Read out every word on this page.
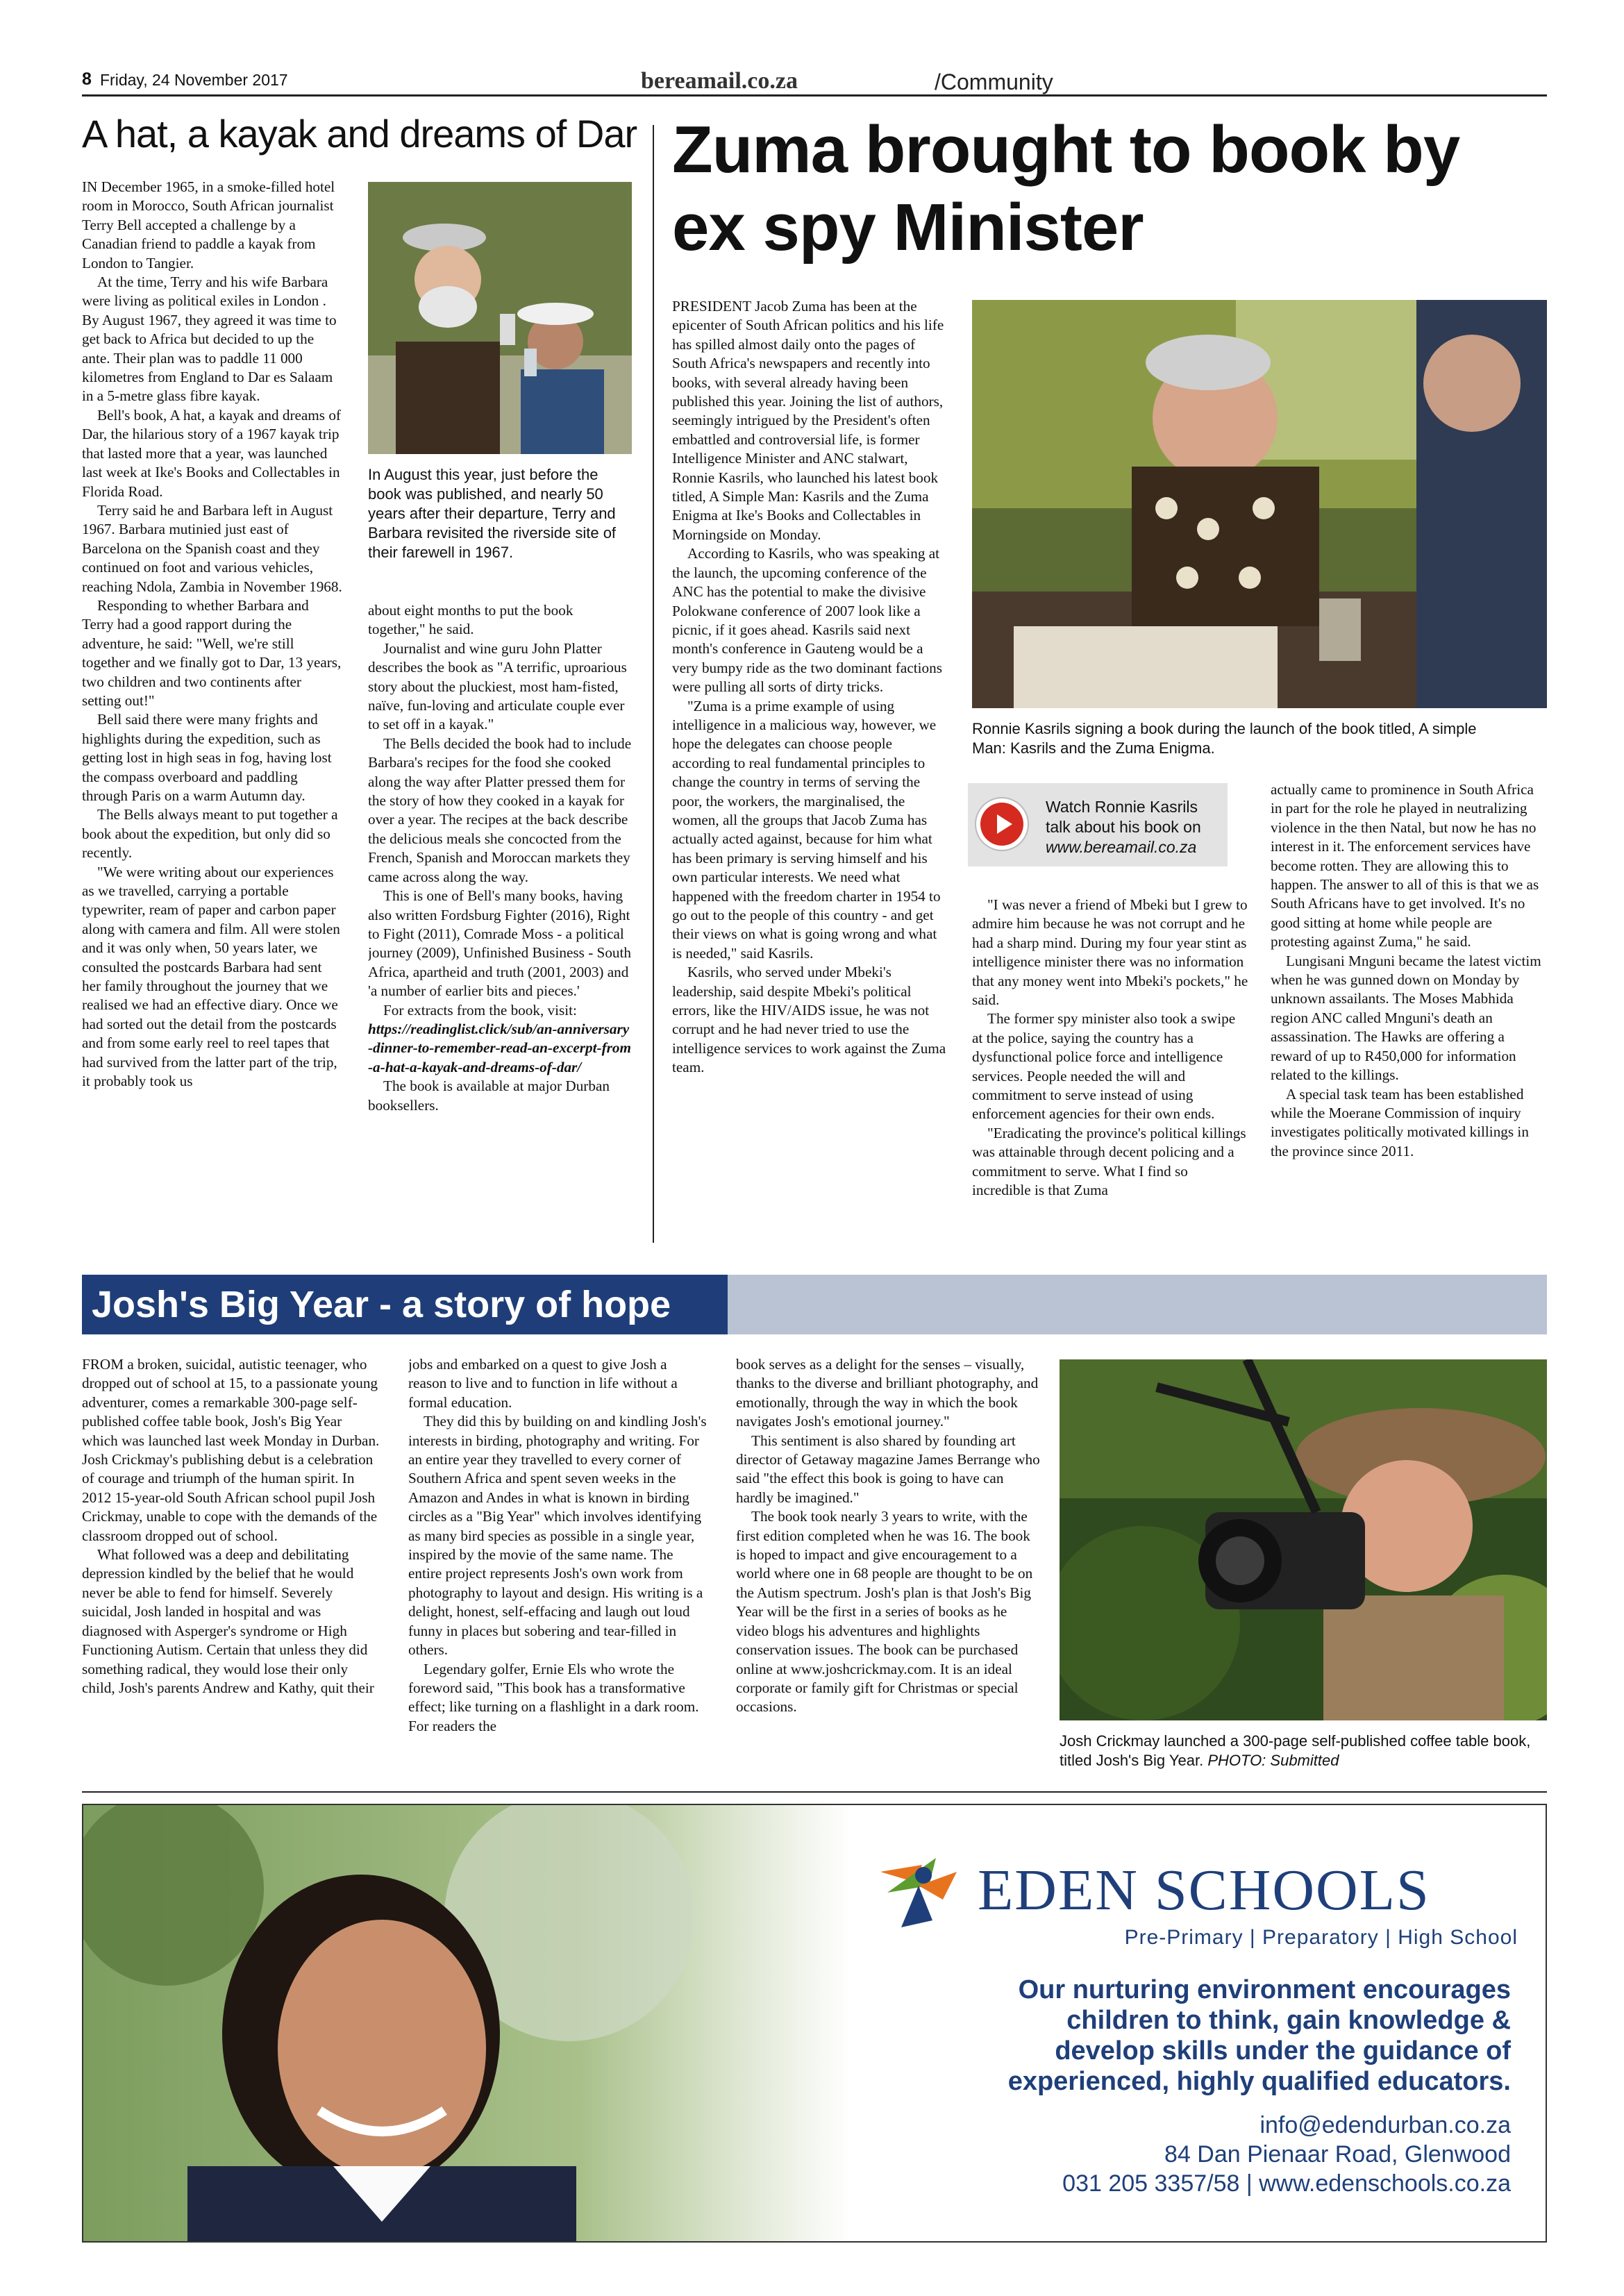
8 Friday, 24 November 2017	bereamail.co.za	/Community
A hat, a kayak and dreams of Dar

IN December 1965, in a smoke-filled hotel room in Morocco, South African journalist Terry Bell accepted a challenge by a Canadian friend to paddle a kayak from London to Tangier.

At the time, Terry and his wife Barbara were living as political exiles in London . By August 1967, they agreed it was time to get back to Africa but decided to up the ante. Their plan was to paddle 11 000 kilometres from England to Dar es Salaam in a 5-metre glass fibre kayak.

Bell's book, A hat, a kayak and dreams of Dar, the hilarious story of a 1967 kayak trip that lasted more that a year, was launched last week at Ike's Books and Collectables in Florida Road.

Terry said he and Barbara left in August 1967. Barbara mutinied just east of Barcelona on the Spanish coast and they continued on foot and various vehicles, reaching Ndola, Zambia in November 1968.

Responding to whether Barbara and Terry had a good rapport during the adventure, he said: "Well, we're still together and we finally got to Dar, 13 years, two children and two continents after setting out!"

Bell said there were many frights and highlights during the expedition, such as getting lost in high seas in fog, having lost the compass overboard and paddling through Paris on a warm Autumn day.

The Bells always meant to put together a book about the expedition, but only did so recently.

"We were writing about our experiences as we travelled, carrying a portable typewriter, ream of paper and carbon paper along with camera and film. All were stolen and it was only when, 50 years later, we consulted the postcards Barbara had sent her family throughout the journey that we realised we had an effective diary. Once we had sorted out the detail from the postcards and from some early reel to reel tapes that had survived from the latter part of the trip, it probably took us

In August this year, just before the book was published, and nearly 50 years after their departure, Terry and Barbara revisited the riverside site of their farewell in 1967.

about eight months to put the book together," he said.

Journalist and wine guru John Platter describes the book as "A terrific, uproarious story about the pluckiest, most ham-fisted, naïve, fun-loving and articulate couple ever to set off in a kayak."

The Bells decided the book had to include Barbara's recipes for the food she cooked along the way after Platter pressed them for the story of how they cooked in a kayak for over a year. The recipes at the back describe the delicious meals she concocted from the French, Spanish and Moroccan markets they came across along the way.

This is one of Bell's many books, having also written Fordsburg Fighter (2016), Right to Fight (2011), Comrade Moss - a political journey (2009), Unfinished Business - South Africa, apartheid and truth (2001, 2003) and 'a number of earlier bits and pieces.'

For extracts from the book, visit:

https://readinglist.click/sub/an-anniversary-dinner-to-remember-read-an-excerpt-from-a-hat-a-kayak-and-dreams-of-dar/

The book is available at major Durban booksellers.

Zuma brought to book by
ex spy Minister

PRESIDENT Jacob Zuma has been at the epicenter of South African politics and his life has spilled almost daily onto the pages of South Africa's newspapers and recently into books, with several already having been published this year. Joining the list of authors, seemingly intrigued by the President's often embattled and controversial life, is former Intelligence Minister and ANC stalwart, Ronnie Kasrils, who launched his latest book titled, A Simple Man: Kasrils and the Zuma Enigma at Ike's Books and Collectables in Morningside on Monday.

According to Kasrils, who was speaking at the launch, the upcoming conference of the ANC has the potential to make the divisive Polokwane conference of 2007 look like a picnic, if it goes ahead. Kasrils said next month's conference in Gauteng would be a very bumpy ride as the two dominant factions were pulling all sorts of dirty tricks.

"Zuma is a prime example of using intelligence in a malicious way, however, we hope the delegates can choose people according to real fundamental principles to change the country in terms of serving the poor, the workers, the marginalised, the women, all the groups that Jacob Zuma has actually acted against, because for him what has been primary is serving himself and his own particular interests. We need what happened with the freedom charter in 1954 to go out to the people of this country - and get their views on what is going wrong and what is needed," said Kasrils.

Kasrils, who served under Mbeki's leadership, said despite Mbeki's political errors, like the HIV/AIDS issue, he was not corrupt and he had never tried to use the intelligence services to work against the Zuma team.

Ronnie Kasrils signing a book during the launch of the book titled, A simple Man: Kasrils and the Zuma Enigma.
Watch Ronnie Kasrils
talk about his book on
www.bereamail.co.za

"I was never a friend of Mbeki but I grew to admire him because he was not corrupt and he had a sharp mind. During my four year stint as intelligence minister there was no information that any money went into Mbeki's pockets," he said.

The former spy minister also took a swipe at the police, saying the country has a dysfunctional police force and intelligence services. People needed the will and commitment to serve instead of using enforcement agencies for their own ends.

"Eradicating the province's political killings was attainable through decent policing and a commitment to serve. What I find so incredible is that Zuma

actually came to prominence in South Africa in part for the role he played in neutralizing violence in the then Natal, but now he has no interest in it. The enforcement services have become rotten. They are allowing this to happen. The answer to all of this is that we as South Africans have to get involved. It's no good sitting at home while people are protesting against Zuma," he said.

Lungisani Mnguni became the latest victim when he was gunned down on Monday by unknown assailants. The Moses Mabhida region ANC called Mnguni's death an assassination. The Hawks are offering a reward of up to R450,000 for information related to the killings.

A special task team has been established while the Moerane Commission of inquiry investigates politically motivated killings in the province since 2011.

Josh's Big Year - a story of hope

FROM a broken, suicidal, autistic teenager, who dropped out of school at 15, to a passionate young adventurer, comes a remarkable 300-page self-published coffee table book, Josh's Big Year which was launched last week Monday in Durban. Josh Crickmay's publishing debut is a celebration of courage and triumph of the human spirit. In 2012 15-year-old South African school pupil Josh Crickmay, unable to cope with the demands of the classroom dropped out of school.

What followed was a deep and debilitating depression kindled by the belief that he would never be able to fend for himself. Severely suicidal, Josh landed in hospital and was diagnosed with Asperger's syndrome or High Functioning Autism. Certain that unless they did something radical, they would lose their only child, Josh's parents Andrew and Kathy, quit their

jobs and embarked on a quest to give Josh a reason to live and to function in life without a formal education.

They did this by building on and kindling Josh's interests in birding, photography and writing. For an entire year they travelled to every corner of Southern Africa and spent seven weeks in the Amazon and Andes in what is known in birding circles as a "Big Year" which involves identifying as many bird species as possible in a single year, inspired by the movie of the same name. The entire project represents Josh's own work from photography to layout and design. His writing is a delight, honest, self-effacing and laugh out loud funny in places but sobering and tear-filled in others.

Legendary golfer, Ernie Els who wrote the foreword said, "This book has a transformative effect; like turning on a flashlight in a dark room. For readers the

book serves as a delight for the senses – visually, thanks to the diverse and brilliant photography, and emotionally, through the way in which the book navigates Josh's emotional journey."

This sentiment is also shared by founding art director of Getaway magazine James Berrange who said "the effect this book is going to have can hardly be imagined."

The book took nearly 3 years to write, with the first edition completed when he was 16. The book is hoped to impact and give encouragement to a world where one in 68 people are thought to be on the Autism spectrum. Josh's plan is that Josh's Big Year will be the first in a series of books as he video blogs his adventures and highlights conservation issues. The book can be purchased online at www.joshcrickmay.com. It is an ideal corporate or family gift for Christmas or special occasions.

Josh Crickmay launched a 300-page self-published coffee table book, titled Josh's Big Year. PHOTO: Submitted
EDEN SCHOOLS
Pre-Primary | Preparatory | High School
Our nurturing environment encourages
children to think, gain knowledge &
develop skills under the guidance of
experienced, highly qualified educators.
info@edendurban.co.za
84 Dan Pienaar Road, Glenwood
031 205 3357/58 | www.edenschools.co.za
